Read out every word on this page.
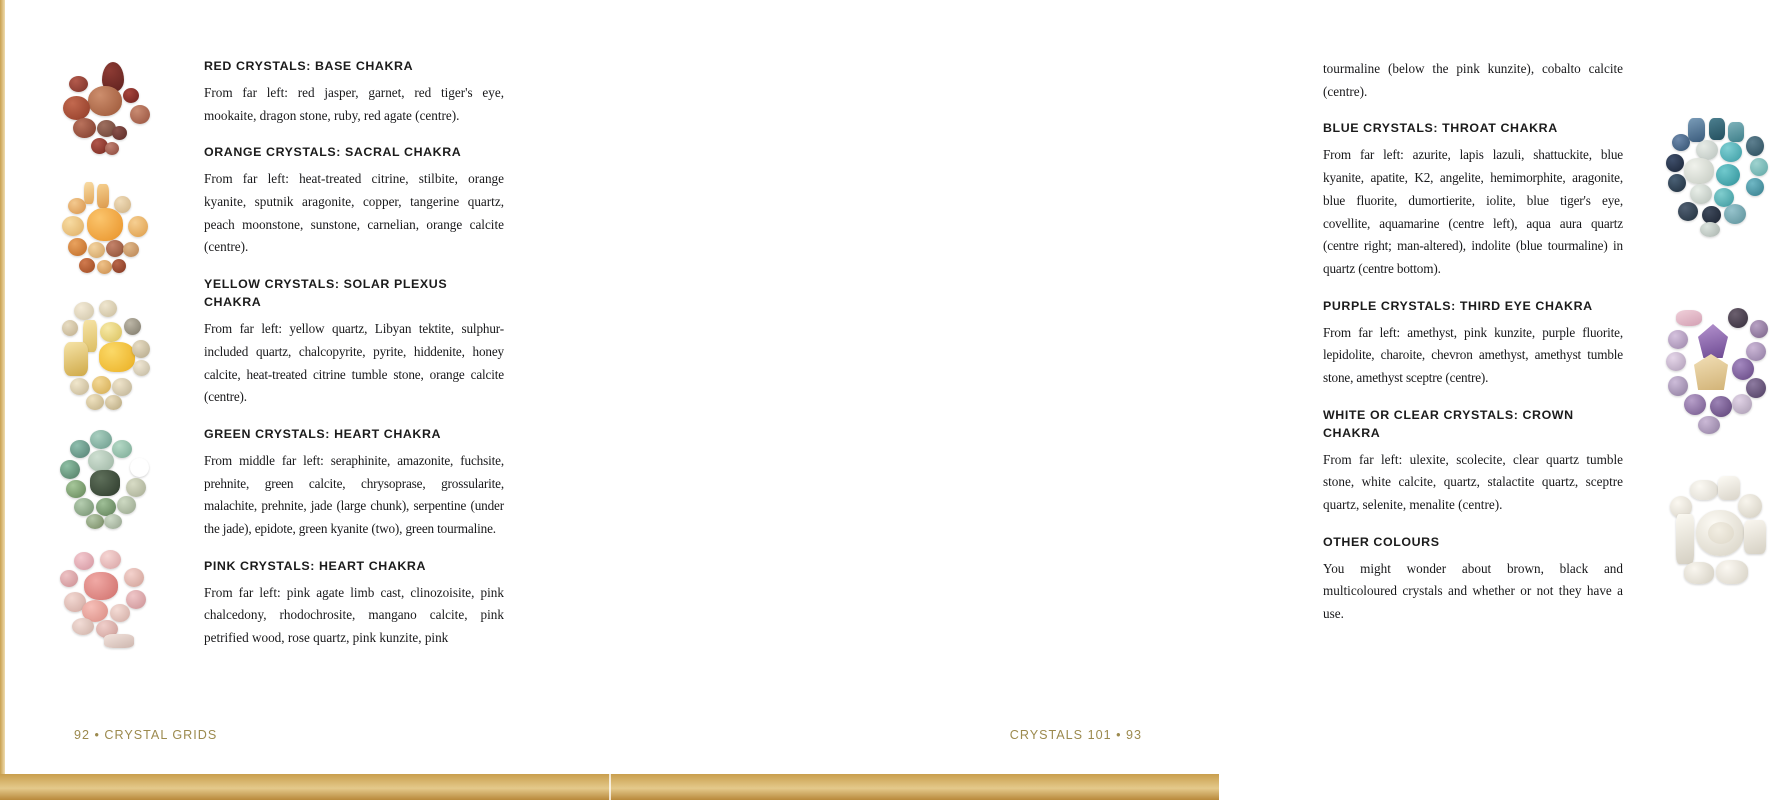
RED CRYSTALS: BASE CHAKRA

From far left: red jasper, garnet, red tiger's eye, mookaite, dragon stone, ruby, red agate (centre).

ORANGE CRYSTALS: SACRAL CHAKRA

From far left: heat-treated citrine, stilbite, orange kyanite, sputnik aragonite, copper, tangerine quartz, peach moonstone, sunstone, carnelian, orange calcite (centre).

YELLOW CRYSTALS: SOLAR PLEXUS CHAKRA

From far left: yellow quartz, Libyan tektite, sulphur-included quartz, chalcopyrite, pyrite, hiddenite, honey calcite, heat-treated citrine tumble stone, orange calcite (centre).

GREEN CRYSTALS: HEART CHAKRA

From middle far left: seraphinite, amazonite, fuchsite, prehnite, green calcite, chrysoprase, grossularite, malachite, prehnite, jade (large chunk), serpentine (under the jade), epidote, green kyanite (two), green tourmaline.

PINK CRYSTALS: HEART CHAKRA

From far left: pink agate limb cast, clinozoisite, pink chalcedony, rhodochrosite, mangano calcite, pink petrified wood, rose quartz, pink kunzite, pink

92 • CRYSTAL GRIDS

tourmaline (below the pink kunzite), cobalto calcite (centre).

BLUE CRYSTALS: THROAT CHAKRA

From far left: azurite, lapis lazuli, shattuckite, blue kyanite, apatite, K2, angelite, hemimorphite, aragonite, blue fluorite, dumortierite, iolite, blue tiger's eye, covellite, aquamarine (centre left), aqua aura quartz (centre right; man-altered), indolite (blue tourmaline) in quartz (centre bottom).

PURPLE CRYSTALS: THIRD EYE CHAKRA

From far left: amethyst, pink kunzite, purple fluorite, lepidolite, charoite, chevron amethyst, amethyst tumble stone, amethyst sceptre (centre).

WHITE OR CLEAR CRYSTALS: CROWN CHAKRA

From far left: ulexite, scolecite, clear quartz tumble stone, white calcite, quartz, stalactite quartz, sceptre quartz, selenite, menalite (centre).

OTHER COLOURS

You might wonder about brown, black and multicoloured crystals and whether or not they have a use.

CRYSTALS 101 • 93
